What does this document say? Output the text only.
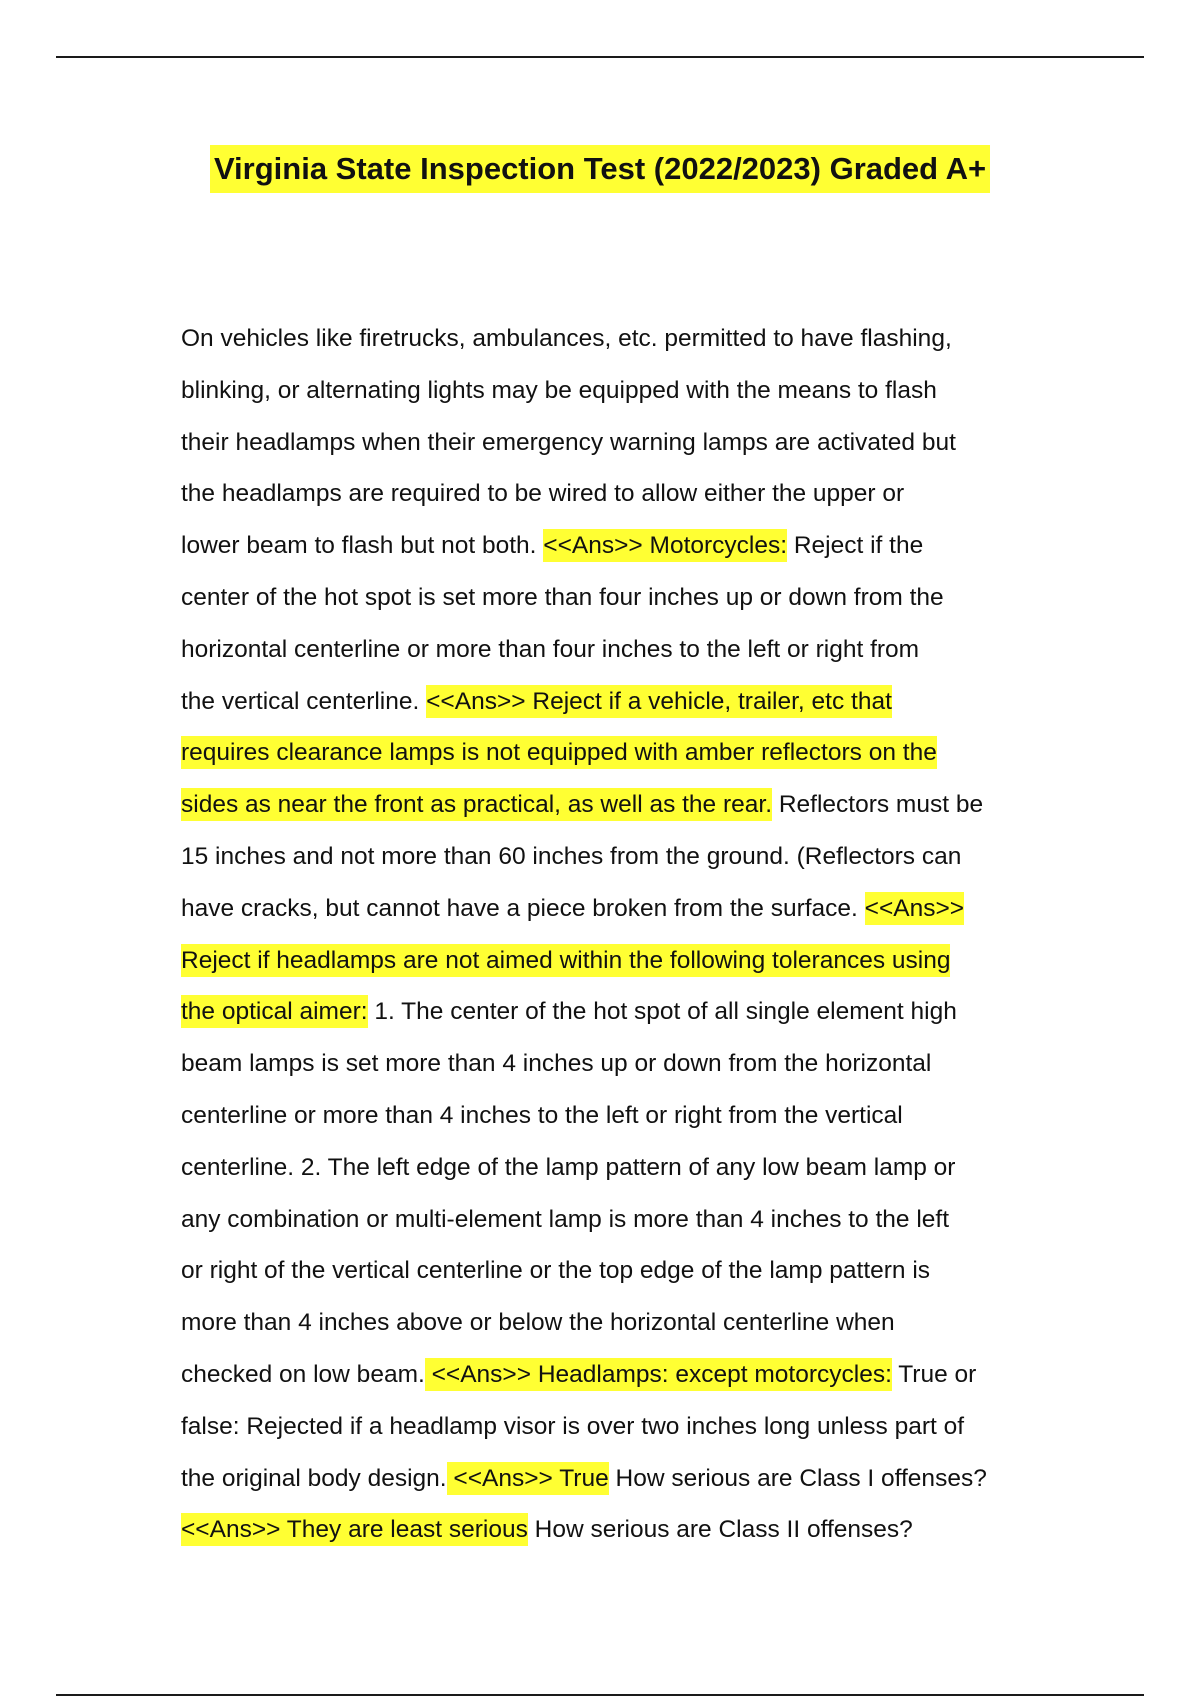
Virginia State Inspection Test (2022/2023) Graded A+
On vehicles like firetrucks, ambulances, etc. permitted to have flashing,
blinking, or alternating lights may be equipped with the means to flash
their headlamps when their emergency warning lamps are activated but
the headlamps are required to be wired to allow either the upper or
lower beam to flash but not both. <<Ans>> Motorcycles: Reject if the
center of the hot spot is set more than four inches up or down from the
horizontal centerline or more than four inches to the left or right from
the vertical centerline. <<Ans>> Reject if a vehicle, trailer, etc that
requires clearance lamps is not equipped with amber reflectors on the
sides as near the front as practical, as well as the rear. Reflectors must be
15 inches and not more than 60 inches from the ground. (Reflectors can
have cracks, but cannot have a piece broken from the surface. <<Ans>>
Reject if headlamps are not aimed within the following tolerances using
the optical aimer: 1. The center of the hot spot of all single element high
beam lamps is set more than 4 inches up or down from the horizontal
centerline or more than 4 inches to the left or right from the vertical
centerline. 2. The left edge of the lamp pattern of any low beam lamp or
any combination or multi-element lamp is more than 4 inches to the left
or right of the vertical centerline or the top edge of the lamp pattern is
more than 4 inches above or below the horizontal centerline when
checked on low beam. <<Ans>> Headlamps: except motorcycles: True or
false: Rejected if a headlamp visor is over two inches long unless part of
the original body design. <<Ans>> True How serious are Class I offenses?
<<Ans>> They are least serious How serious are Class II offenses?
